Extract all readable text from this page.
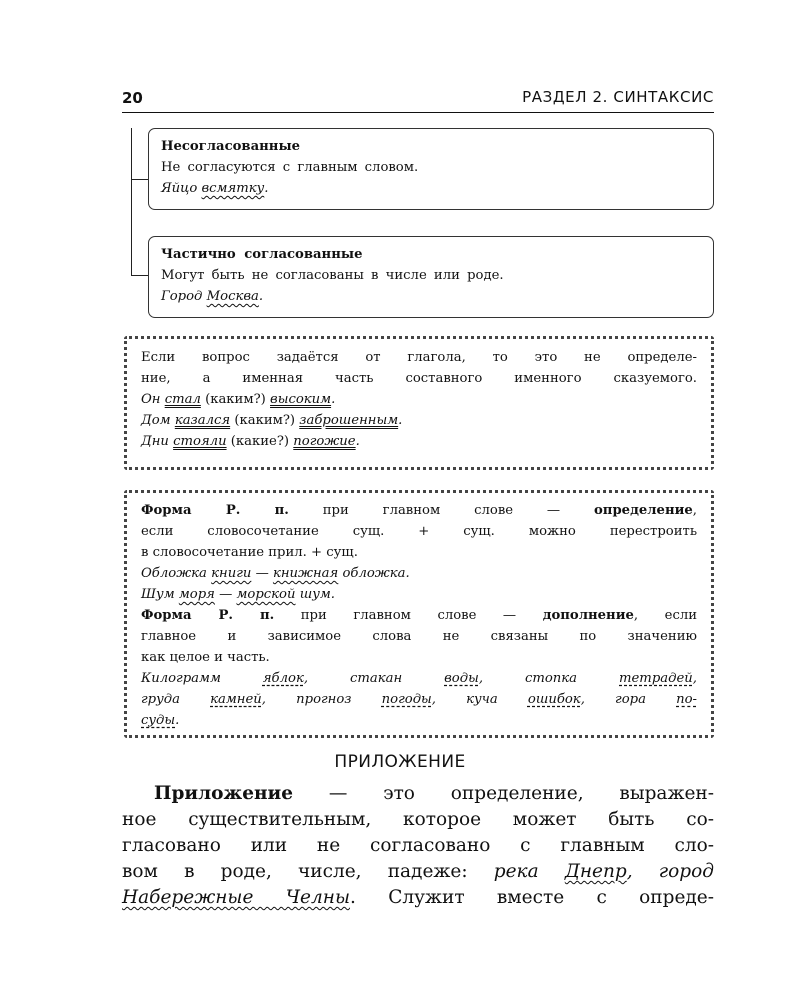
20	РАЗДЕЛ 2. СИНТАКСИС
Несогласованные
Не согласуются с главным словом.
Яйцо всмятку.
Частично согласованные
Могут быть не согласованы в числе или роде.
Город Москва.
Если вопрос задаётся от глагола, то это не определе-
ние, а именная часть составного именного сказуемого.
Он стал (каким?) высоким.
Дом казался (каким?) заброшенным.
Дни стояли (какие?) погожие.
Форма Р. п. при главном слове — определение,
если словосочетание сущ. + сущ. можно перестроить
в словосочетание прил. + сущ.
Обложка книги — книжная обложка.
Шум моря — морской шум.
Форма Р. п. при главном слове — дополнение, если
главное и зависимое слова не связаны по значению
как целое и часть.
Килограмм	яблок, стакан	воды, стопка	тетрадей,
груда камней, прогноз погоды, куча ошибок, гора по-
суды.
ПРИЛОЖЕНИЕ
Приложение — это определение, выражен-
ное существительным, которое может быть со-
гласовано или не согласовано с главным сло-
вом в роде, числе, падеже: река Днепр, город
Набережные Челны. Служит вместе с опреде-
